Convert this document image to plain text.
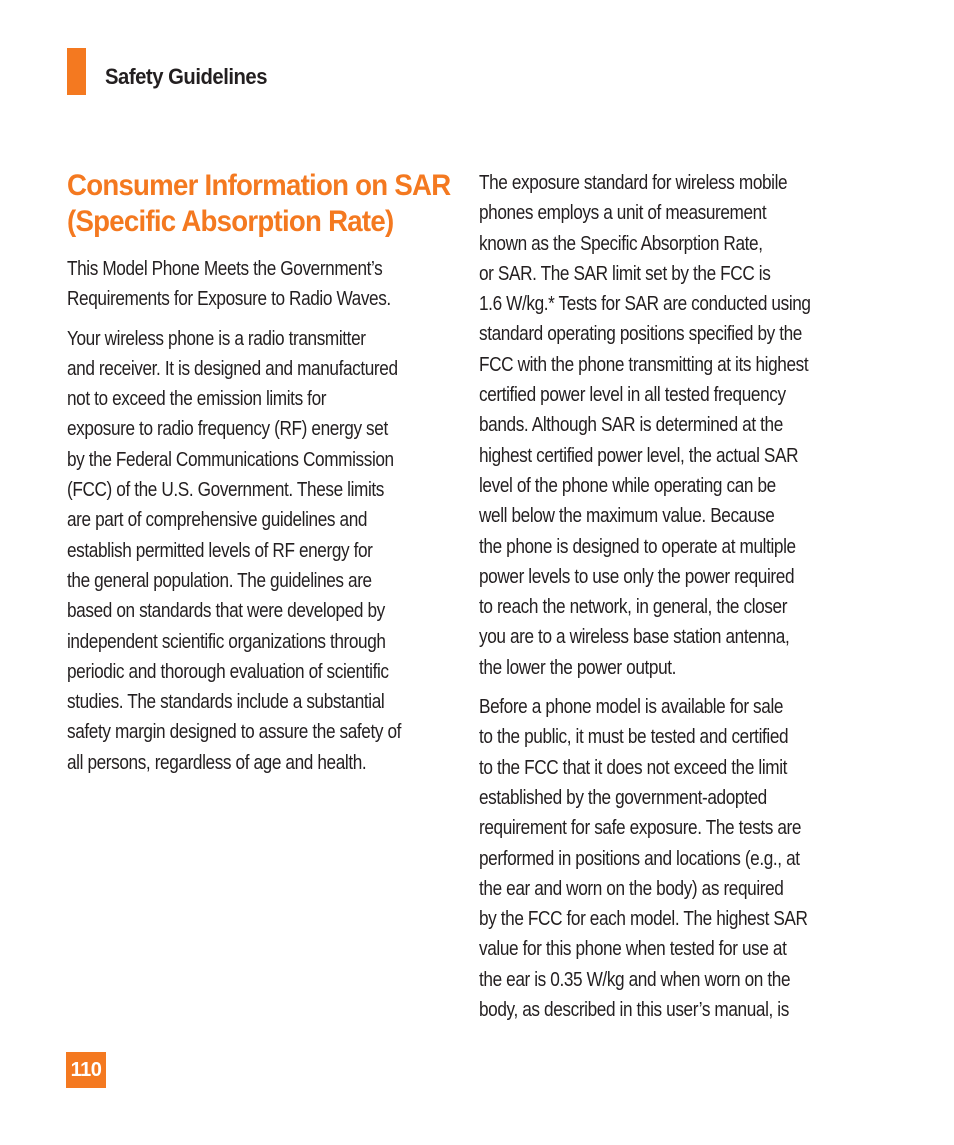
Safety Guidelines
Consumer Information on SAR
(Specific Absorption Rate)

This Model Phone Meets the Government’s
Requirements for Exposure to Radio Waves.

Your wireless phone is a radio transmitter
and receiver. It is designed and manufactured
not to exceed the emission limits for
exposure to radio frequency (RF) energy set
by the Federal Communications Commission
(FCC) of the U.S. Government. These limits
are part of comprehensive guidelines and
establish permitted levels of RF energy for
the general population. The guidelines are
based on standards that were developed by
independent scientific organizations through
periodic and thorough evaluation of scientific
studies. The standards include a substantial
safety margin designed to assure the safety of
all persons, regardless of age and health.

The exposure standard for wireless mobile
phones employs a unit of measurement
known as the Specific Absorption Rate,
or SAR. The SAR limit set by the FCC is
1.6 W/kg.* Tests for SAR are conducted using
standard operating positions specified by the
FCC with the phone transmitting at its highest
certified power level in all tested frequency
bands. Although SAR is determined at the
highest certified power level, the actual SAR
level of the phone while operating can be
well below the maximum value. Because
the phone is designed to operate at multiple
power levels to use only the power required
to reach the network, in general, the closer
you are to a wireless base station antenna,
the lower the power output.

Before a phone model is available for sale
to the public, it must be tested and certified
to the FCC that it does not exceed the limit
established by the government-adopted
requirement for safe exposure. The tests are
performed in positions and locations (e.g., at
the ear and worn on the body) as required
by the FCC for each model. The highest SAR
value for this phone when tested for use at
the ear is 0.35 W/kg and when worn on the
body, as described in this user’s manual, is

110
